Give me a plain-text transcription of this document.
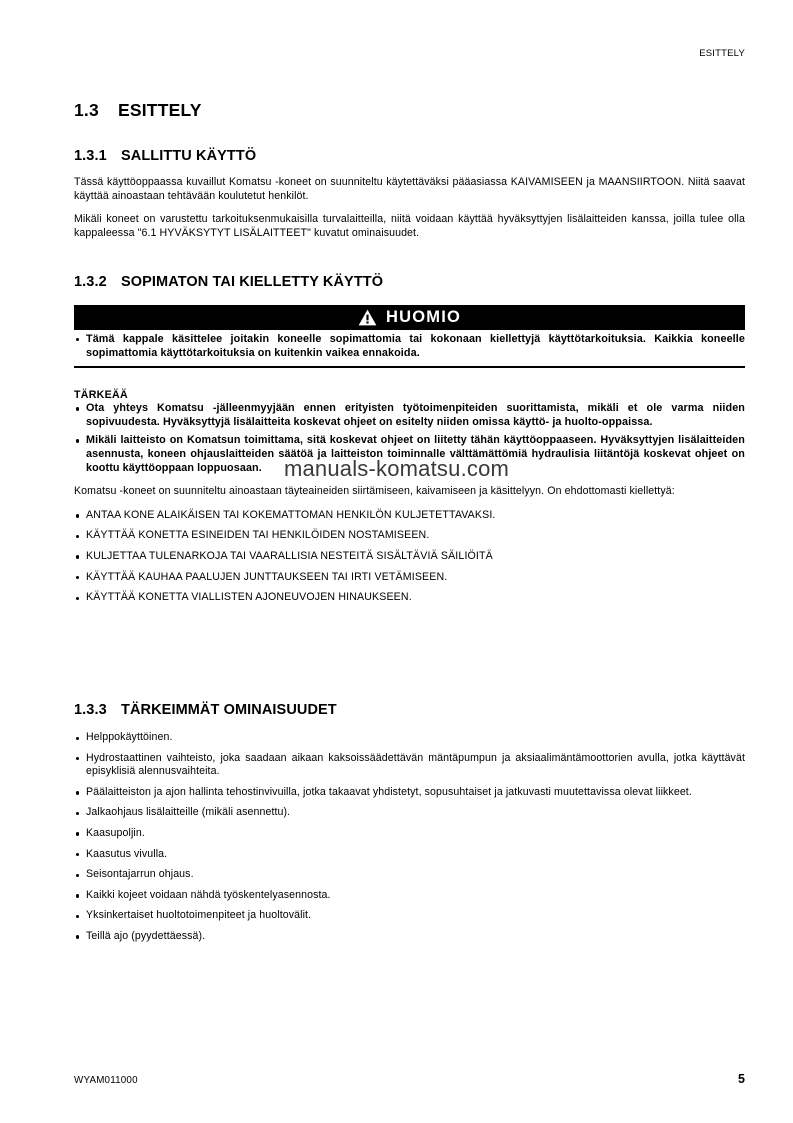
ESITTELY
1.3 ESITTELY
1.3.1 SALLITTU KÄYTTÖ

Tässä käyttöoppaassa kuvaillut Komatsu -koneet on suunniteltu käytettäväksi pääasiassa KAIVAMISEEN ja MAANSIIRTOON. Niitä saavat käyttää ainoastaan tehtävään koulutetut henkilöt.

Mikäli koneet on varustettu tarkoituksenmukaisilla turvalaitteilla, niitä voidaan käyttää hyväksyttyjen lisälaitteiden kanssa, joilla tulee olla kappaleessa "6.1 HYVÄKSYTYT LISÄLAITTEET" kuvatut ominaisuudet.

1.3.2 SOPIMATON TAI KIELLETTY KÄYTTÖ
HUOMIO
Tämä kappale käsittelee joitakin koneelle sopimattomia tai kokonaan kiellettyjä käyttötarkoituksia. Kaikkia koneelle sopimattomia käyttötarkoituksia on kuitenkin vaikea ennakoida.
TÄRKEÄÄ
Ota yhteys Komatsu -jälleenmyyjään ennen erityisten työtoimenpiteiden suorittamista, mikäli et ole varma niiden sopivuudesta. Hyväksyttyjä lisälaitteita koskevat ohjeet on esitelty niiden omissa käyttö- ja huolto-oppaissa.
Mikäli laitteisto on Komatsun toimittama, sitä koskevat ohjeet on liitetty tähän käyttöoppaaseen. Hyväksyttyjen lisälaitteiden asennusta, koneen ohjauslaitteiden säätöä ja laitteiston toiminnalle välttämättömiä hydraulisia liitäntöjä koskevat ohjeet on koottu käyttöoppaan loppuosaan.

Komatsu -koneet on suunniteltu ainoastaan täyteaineiden siirtämiseen, kaivamiseen ja käsittelyyn. On ehdottomasti kiellettyä:

ANTAA KONE ALAIKÄISEN TAI KOKEMATTOMAN HENKILÖN KULJETETTAVAKSI.
KÄYTTÄÄ KONETTA ESINEIDEN TAI HENKILÖIDEN NOSTAMISEEN.
KULJETTAA TULENARKOJA TAI VAARALLISIA NESTEITÄ SISÄLTÄVIÄ SÄILIÖITÄ
KÄYTTÄÄ KAUHAA PAALUJEN JUNTTAUKSEEN TAI IRTI VETÄMISEEN.
KÄYTTÄÄ KONETTA VIALLISTEN AJONEUVOJEN HINAUKSEEN.
1.3.3 TÄRKEIMMÄT OMINAISUUDET
Helppokäyttöinen.
Hydrostaattinen vaihteisto, joka saadaan aikaan kaksoissäädettävän mäntäpumpun ja aksiaalimäntämoottorien avulla, jotka käyttävät episyklisiä alennusvaihteita.
Päälaitteiston ja ajon hallinta tehostinvivuilla, jotka takaavat yhdistetyt, sopusuhtaiset ja jatkuvasti muutettavissa olevat liikkeet.
Jalkaohjaus lisälaitteille (mikäli asennettu).
Kaasupoljin.
Kaasutus vivulla.
Seisontajarrun ohjaus.
Kaikki kojeet voidaan nähdä työskentelyasennosta.
Yksinkertaiset huoltotoimenpiteet ja huoltovälit.
Teillä ajo (pyydettäessä).
manuals-komatsu.com
WYAM011000	5
